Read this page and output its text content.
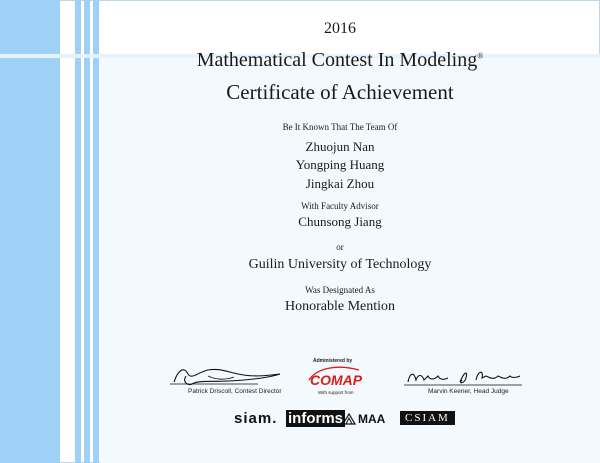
2016
Mathematical Contest In Modeling®
Certificate of Achievement
Be It Known That The Team Of
Zhuojun Nan
Yongping Huang
Jingkai Zhou
With Faculty Advisor
Chunsong Jiang
or
Guilin University of Technology
Was Designated As
Honorable Mention
Patrick Driscoll, Contest Director	Marvin Keener, Head Judge
Administered by
COMAP
With support from
siam. informs	MAA	CSIAM
